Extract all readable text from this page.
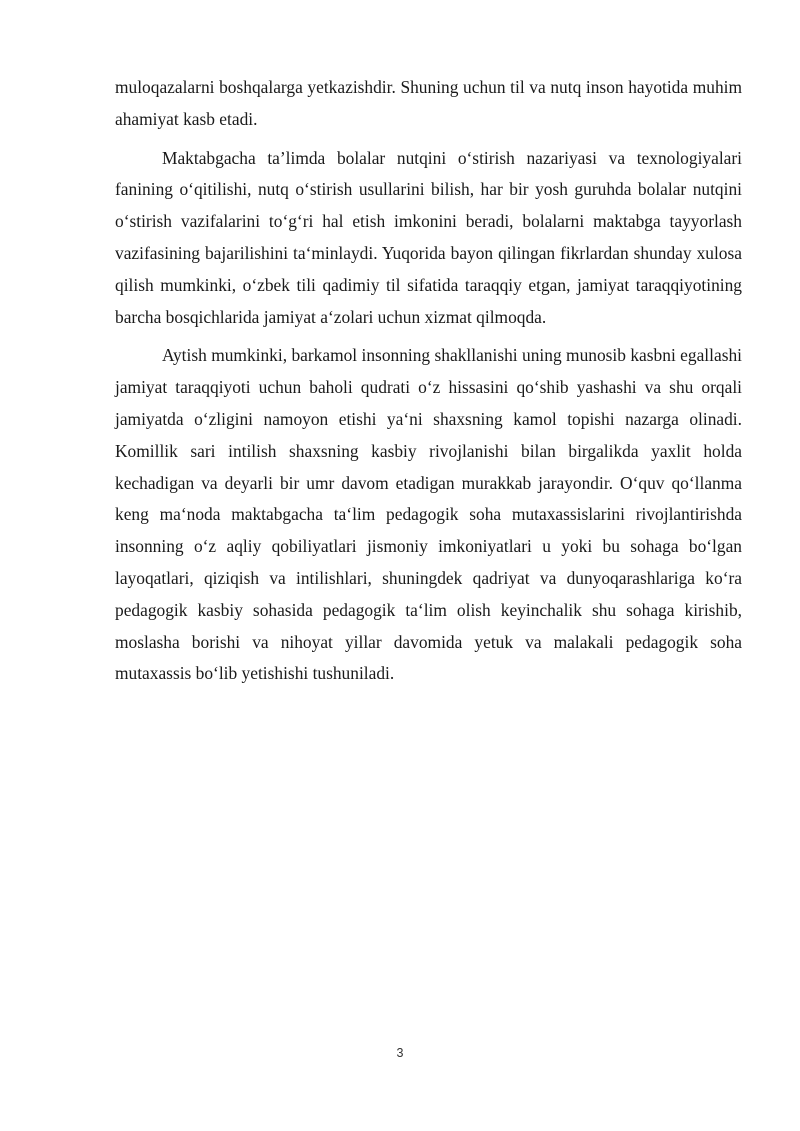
muloqazalarni boshqalarga yetkazishdir. Shuning uchun til va nutq inson hayotida muhim ahamiyat kasb etadi.

Maktabgacha ta’limda bolalar nutqini o‘stirish nazariyasi va texnologiyalari fanining o‘qitilishi, nutq o‘stirish usullarini bilish, har bir yosh guruhda bolalar nutqini o‘stirish vazifalarini to‘g‘ri hal etish imkonini beradi, bolalarni maktabga tayyorlash vazifasining bajarilishini ta‘minlaydi. Yuqorida bayon qilingan fikrlardan shunday xulosa qilish mumkinki, o‘zbek tili qadimiy til sifatida taraqqiy etgan, jamiyat taraqqiyotining barcha bosqichlarida jamiyat a‘zolari uchun xizmat qilmoqda.

Aytish mumkinki, barkamol insonning shakllanishi uning munosib kasbni egallashi jamiyat taraqqiyoti uchun baholi qudrati o‘z hissasini qo‘shib yashashi va shu orqali jamiyatda o‘zligini namoyon etishi ya‘ni shaxsning kamol topishi nazarga olinadi. Komillik sari intilish shaxsning kasbiy rivojlanishi bilan birgalikda yaxlit holda kechadigan va deyarli bir umr davom etadigan murakkab jarayondir. O‘quv qo‘llanma keng ma‘noda maktabgacha ta‘lim pedagogik soha mutaxassislarini rivojlantirishda insonning o‘z aqliy qobiliyatlari jismoniy imkoniyatlari u yoki bu sohaga bo‘lgan layoqatlari, qiziqish va intilishlari, shuningdek qadriyat va dunyoqarashlariga ko‘ra pedagogik kasbiy sohasida pedagogik ta‘lim olish keyinchalik shu sohaga kirishib, moslasha borishi va nihoyat yillar davomida yetuk va malakali pedagogik soha mutaxassis bo‘lib yetishishi tushuniladi.

3
